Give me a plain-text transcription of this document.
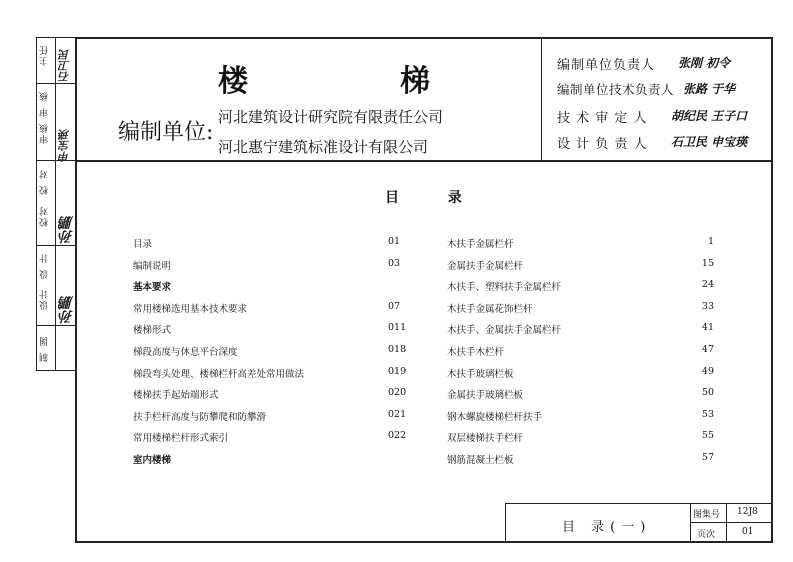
主任 石卫民
审 核
审核 申宝瑛
校 对
校对 孙鹏
设 计
设计 孙鹏
制 图
楼	梯
编制单位:
河北建筑设计研究院有限责任公司
河北惠宁建筑标准设计有限公司
编制单位负责人 张刚 初令
编制单位技术负责人 张路 于华
技 术 审 定 人 胡纪民 王子口
设 计 负 责 人 石卫民 申宝瑛
目 录
目录	01
编制说明	03
基本要求
常用楼梯选用基本技术要求	07
楼梯形式	011
梯段高度与休息平台深度	018
梯段弯头处理、楼梯栏杆高差处常用做法	019
楼梯扶手起始端形式	020
扶手栏杆高度与防攀爬和防攀滑	021
常用楼梯栏杆形式索引	022
室内楼梯
木扶手金属栏杆	1
金属扶手金属栏杆	15
木扶手、塑料扶手金属栏杆	24
木扶手金属花饰栏杆	33
木扶手、金属扶手金属栏杆	41
木扶手木栏杆	47
木扶手玻璃栏板	49
金属扶手玻璃栏板	50
钢木螺旋楼梯栏杆扶手	53
双层楼梯扶手栏杆	55
钢筋混凝土栏板	57
目 录(一)
图集号 12J8
页次	01
